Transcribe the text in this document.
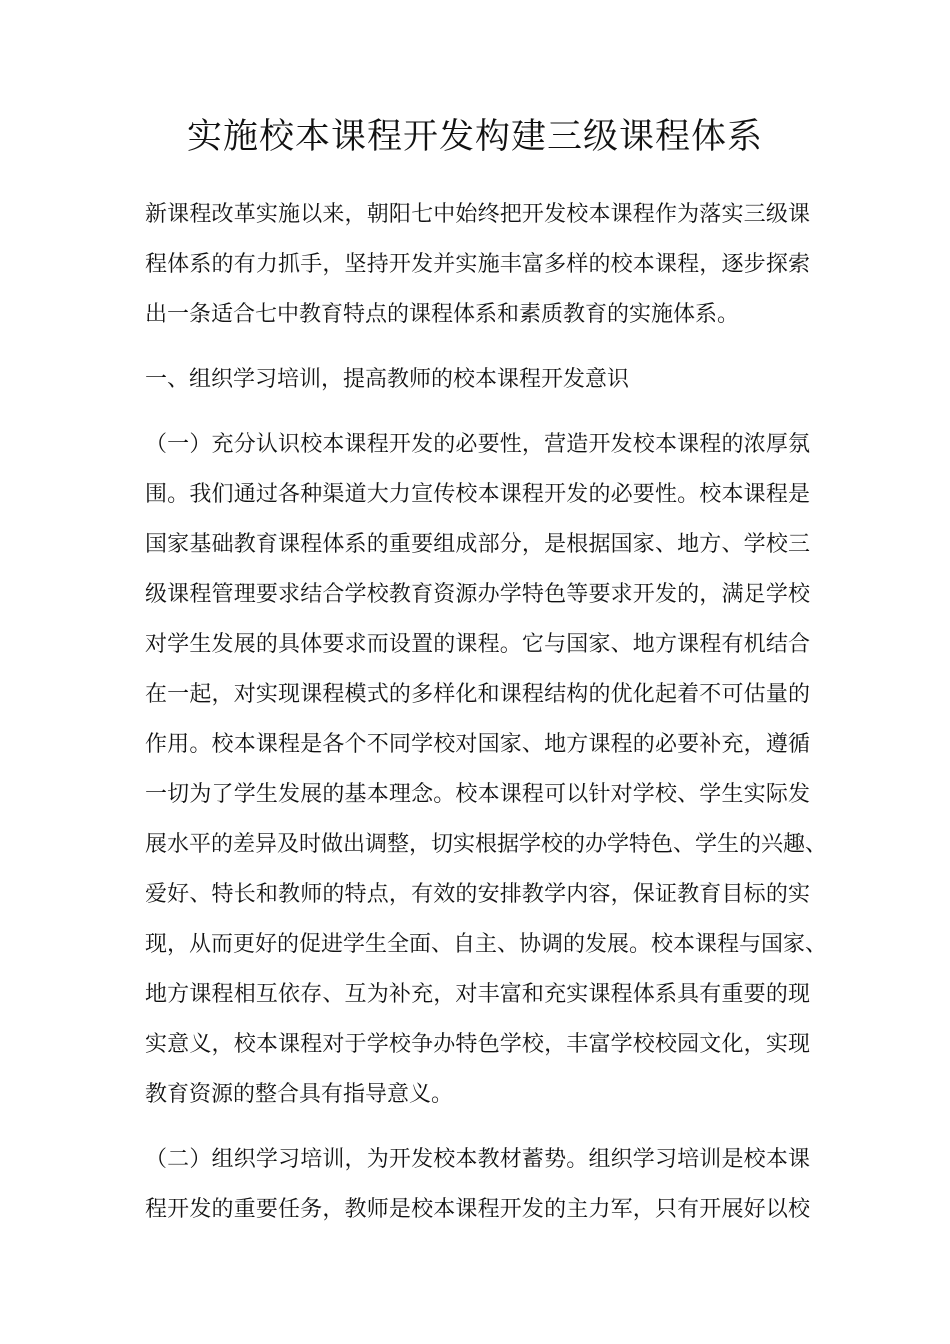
实施校本课程开发构建三级课程体系
新课程改革实施以来，朝阳七中始终把开发校本课程作为落实三级课
程体系的有力抓手，坚持开发并实施丰富多样的校本课程，逐步探索
出一条适合七中教育特点的课程体系和素质教育的实施体系。
一、组织学习培训，提高教师的校本课程开发意识
（一）充分认识校本课程开发的必要性，营造开发校本课程的浓厚氛
围。我们通过各种渠道大力宣传校本课程开发的必要性。校本课程是
国家基础教育课程体系的重要组成部分，是根据国家、地方、学校三
级课程管理要求结合学校教育资源办学特色等要求开发的，满足学校
对学生发展的具体要求而设置的课程。它与国家、地方课程有机结合
在一起，对实现课程模式的多样化和课程结构的优化起着不可估量的
作用。校本课程是各个不同学校对国家、地方课程的必要补充，遵循
一切为了学生发展的基本理念。校本课程可以针对学校、学生实际发
展水平的差异及时做出调整，切实根据学校的办学特色、学生的兴趣、
爱好、特长和教师的特点，有效的安排教学内容，保证教育目标的实
现，从而更好的促进学生全面、自主、协调的发展。校本课程与国家、
地方课程相互依存、互为补充，对丰富和充实课程体系具有重要的现
实意义，校本课程对于学校争办特色学校，丰富学校校园文化，实现
教育资源的整合具有指导意义。
（二）组织学习培训，为开发校本教材蓄势。组织学习培训是校本课
程开发的重要任务，教师是校本课程开发的主力军，只有开展好以校
